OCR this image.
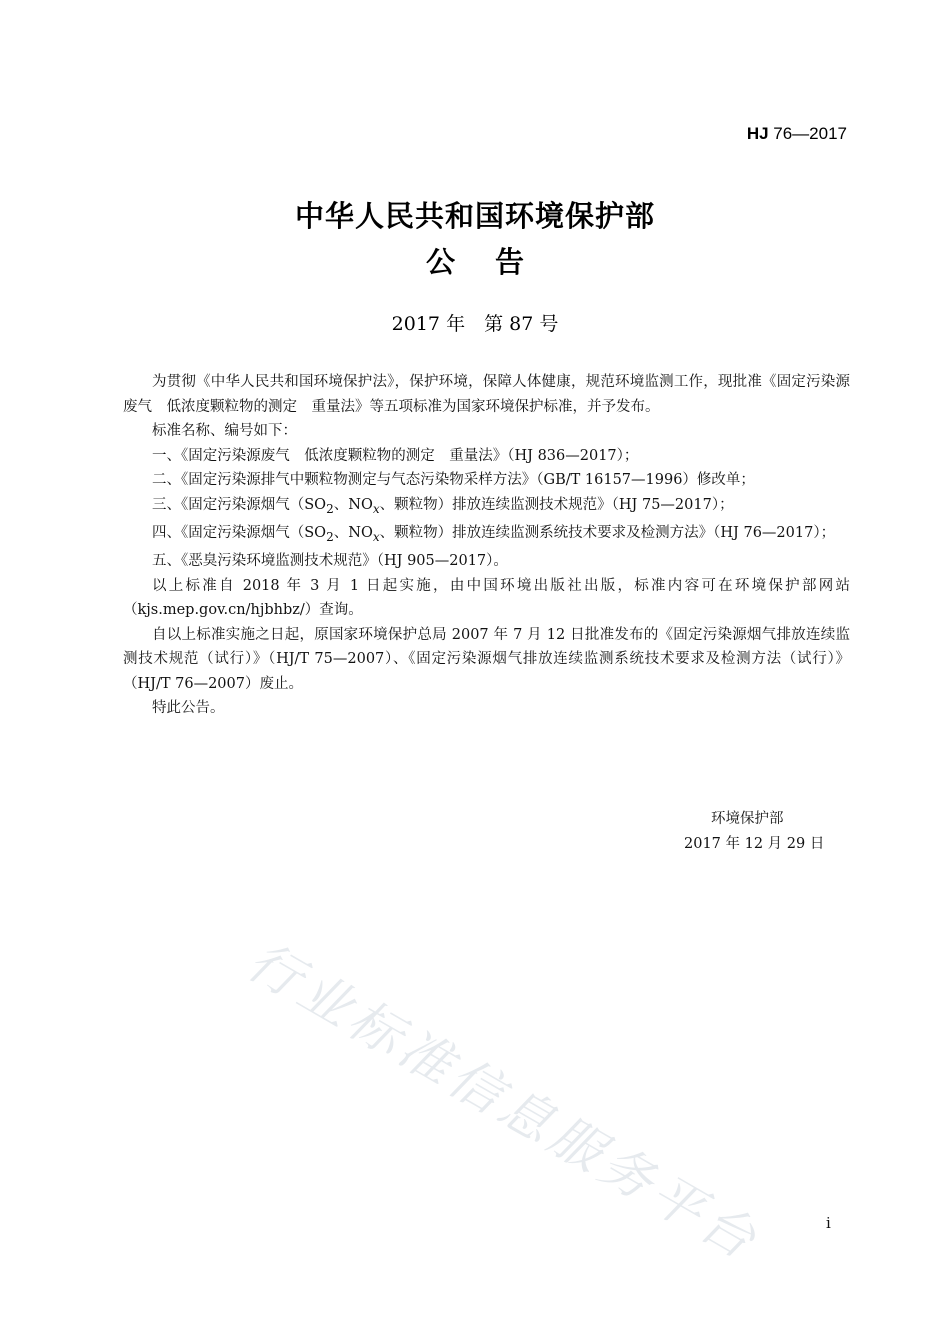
HJ 76—2017
中华人民共和国环境保护部
公告
2017 年　第 87 号

为贯彻《中华人民共和国环境保护法》，保护环境，保障人体健康，规范环境监测工作，现批准《固定污染源废气　低浓度颗粒物的测定　重量法》等五项标准为国家环境保护标准，并予发布。

标准名称、编号如下：

一、《固定污染源废气　低浓度颗粒物的测定　重量法》（HJ 836—2017）；

二、《固定污染源排气中颗粒物测定与气态污染物采样方法》（GB/T 16157—1996）修改单；

三、《固定污染源烟气（$SO_2$、$NO_x$、颗粒物）排放连续监测技术规范》（HJ 75—2017）；

四、《固定污染源烟气（$SO_2$、$NO_x$、颗粒物）排放连续监测系统技术要求及检测方法》（HJ 76—2017）；

五、《恶臭污染环境监测技术规范》（HJ 905—2017）。

以上标准自 2018 年 3 月 1 日起实施，由中国环境出版社出版，标准内容可在环境保护部网站（kjs.mep.gov.cn/hjbhbz/）查询。

自以上标准实施之日起，原国家环境保护总局 2007 年 7 月 12 日批准发布的《固定污染源烟气排放连续监测技术规范（试行）》（HJ/T 75—2007）、《固定污染源烟气排放连续监测系统技术要求及检测方法（试行）》（HJ/T 76—2007）废止。

特此公告。

环境保护部
2017 年 12 月 29 日
行业标准信息服务平台	i
